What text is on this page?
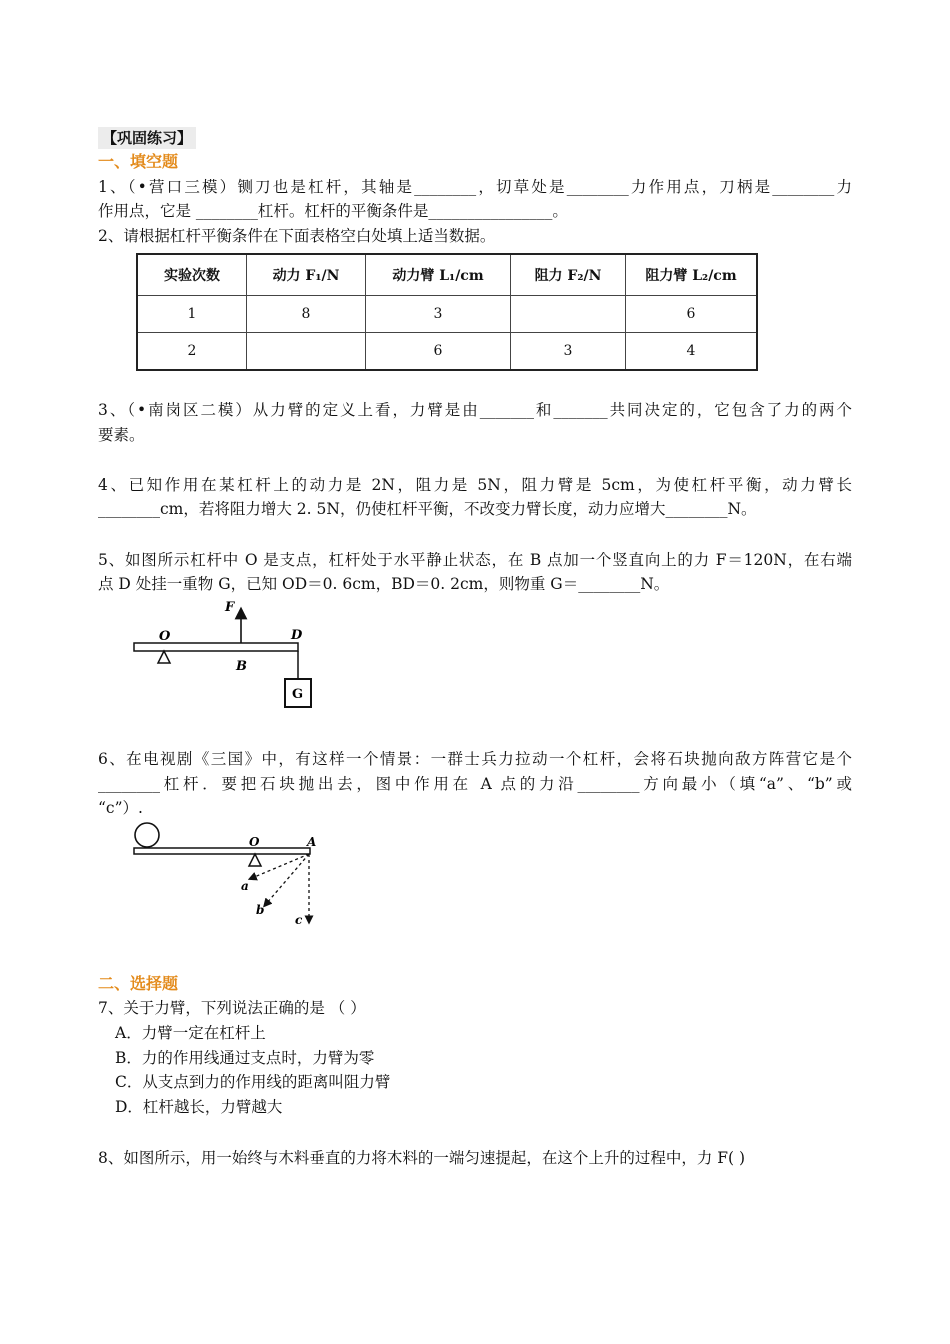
【巩固练习】
一、填空题
1、（•营口三模）铡刀也是杠杆，其轴是________，切草处是________力作用点，刀柄是________力
作用点，它是 ________杠杆。杠杆的平衡条件是________________。
2、请根据杠杆平衡条件在下面表格空白处填上适当数据。
实验次数	动力 F₁/N	动力臂 L₁/cm	阻力 F₂/N	阻力臂 L₂/cm
1	8	3		6
2		6	3	4
3、（•南岗区二模）从力臂的定义上看，力臂是由_______和_______共同决定的，它包含了力的两个
要素。
4、已知作用在某杠杆上的动力是 2N，阻力是 5N，阻力臂是 5cm，为使杠杆平衡，动力臂长
________cm，若将阻力增大 2. 5N，仍使杠杆平衡，不改变力臂长度，动力应增大________N。
5、如图所示杠杆中 O 是支点，杠杆处于水平静止状态，在 B 点加一个竖直向上的力 F＝120N，在右端
点 D 处挂一重物 G，已知 OD＝0. 6cm，BD＝0. 2cm，则物重 G＝________N。
F
O
B
D
G
6、在电视剧《三国》中，有这样一个情景：一群士兵力拉动一个杠杆，会将石块抛向敌方阵营它是个
________杠杆．要把石块抛出去，图中作用在 A 点的力沿________方向最小（填“a”、“b”或
“c”）.
O	A
a
b
c
二、选择题
7、关于力臂，下列说法正确的是 （ ）
A．力臂一定在杠杆上
B．力的作用线通过支点时，力臂为零
C．从支点到力的作用线的距离叫阻力臂
D．杠杆越长，力臂越大
8、如图所示，用一始终与木料垂直的力将木料的一端匀速提起，在这个上升的过程中，力 F( )
